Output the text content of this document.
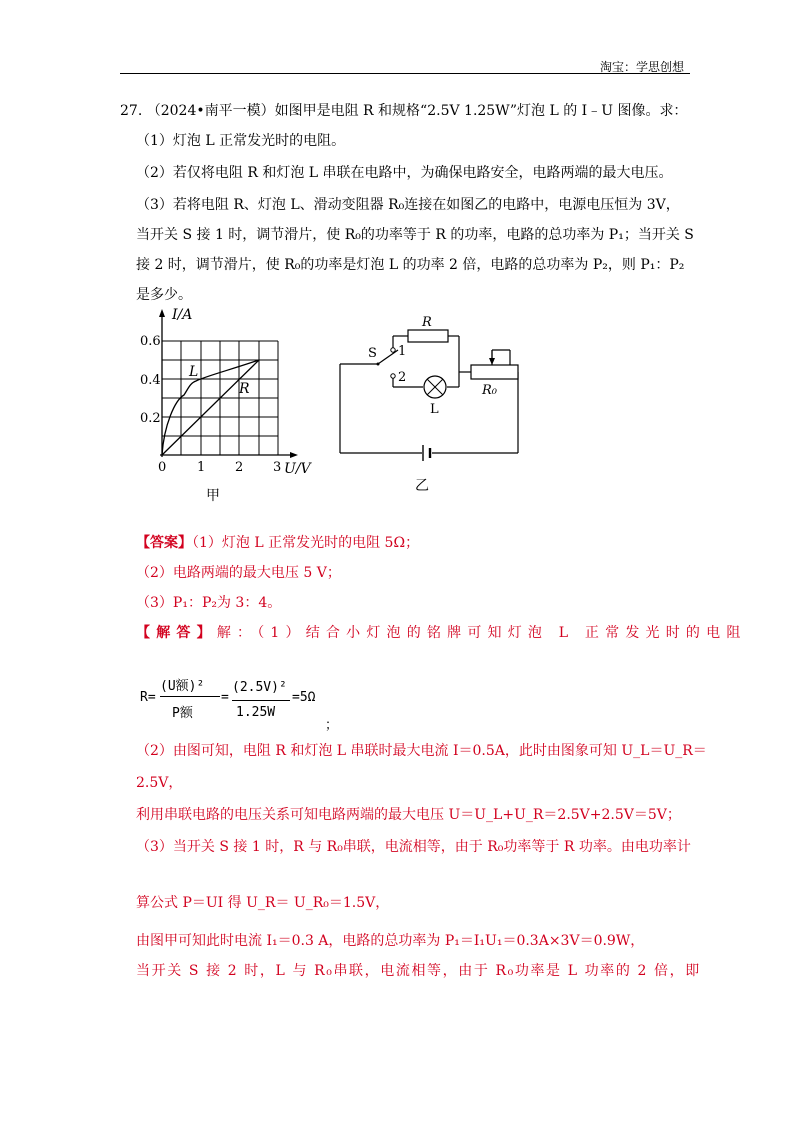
淘宝：学思创想
27. （2024•南平一模）如图甲是电阻 R 和规格“2.5V 1.25W”灯泡 L 的 I﹣U 图像。求：
（1）灯泡 L 正常发光时的电阻。
（2）若仅将电阻 R 和灯泡 L 串联在电路中，为确保电路安全，电路两端的最大电压。
（3）若将电阻 R、灯泡 L、滑动变阻器 R₀连接在如图乙的电路中，电源电压恒为 3V，
当开关 S 接 1 时，调节滑片，使 R₀的功率等于 R 的功率，电路的总功率为 P₁；当开关 S
接 2 时，调节滑片，使 R₀的功率是灯泡 L 的功率 2 倍，电路的总功率为 P₂，则 P₁：P₂
是多少。
I/A
U/V
0.6
0.4
0.2
0 1 2 3
L
R
甲
S 1
2
R
R₀
L
乙
【答案】（1）灯泡 L 正常发光时的电阻 5Ω；
（2）电路两端的最大电压 5 V；
（3）P₁：P₂为 3：4。
【解答】解：（1）结合小灯泡的铭牌可知灯泡 L 正常发光时的电阻
R=
(U额)²
P额
=
(2.5V)²
1.25W
=5Ω
；
（2）由图可知，电阻 R 和灯泡 L 串联时最大电流 I＝0.5A，此时由图象可知 U_L＝U_R＝
2.5V，
利用串联电路的电压关系可知电路两端的最大电压 U＝U_L+U_R＝2.5V+2.5V＝5V；
（3）当开关 S 接 1 时，R 与 R₀串联，电流相等，由于 R₀功率等于 R 功率。由电功率计
算公式 P＝UI 得 U_R＝ U_R₀＝1.5V，
由图甲可知此时电流 I₁＝0.3 A，电路的总功率为 P₁＝I₁U₁＝0.3A×3V＝0.9W，
当开关 S 接 2 时，L 与 R₀串联，电流相等，由于 R₀功率是 L 功率的 2 倍，即
